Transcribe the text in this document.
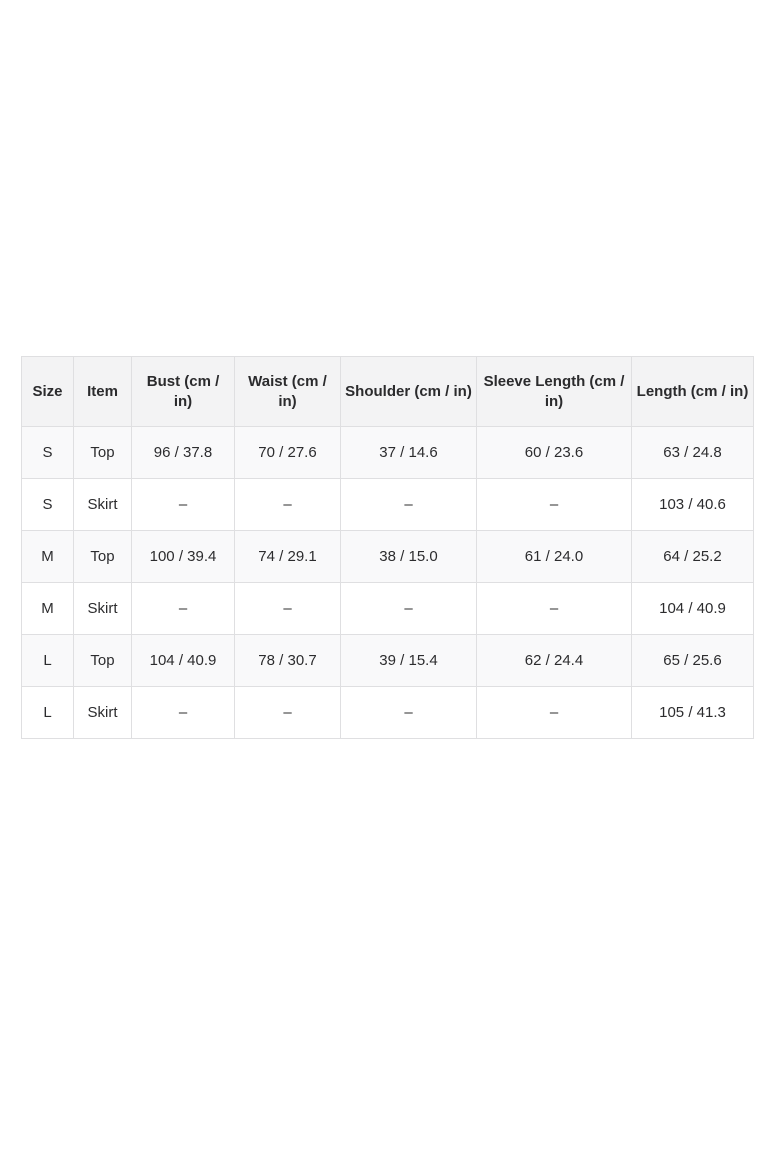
Size	Item	Bust (cm / in)	Waist (cm / in)	Shoulder (cm / in)	Sleeve Length (cm / in)	Length (cm / in)
S	Top	96 / 37.8	70 / 27.6	37 / 14.6	60 / 23.6	63 / 24.8
S	Skirt	–	–	–	–	103 / 40.6
M	Top	100 / 39.4	74 / 29.1	38 / 15.0	61 / 24.0	64 / 25.2
M	Skirt	–	–	–	–	104 / 40.9
L	Top	104 / 40.9	78 / 30.7	39 / 15.4	62 / 24.4	65 / 25.6
L	Skirt	–	–	–	–	105 / 41.3
